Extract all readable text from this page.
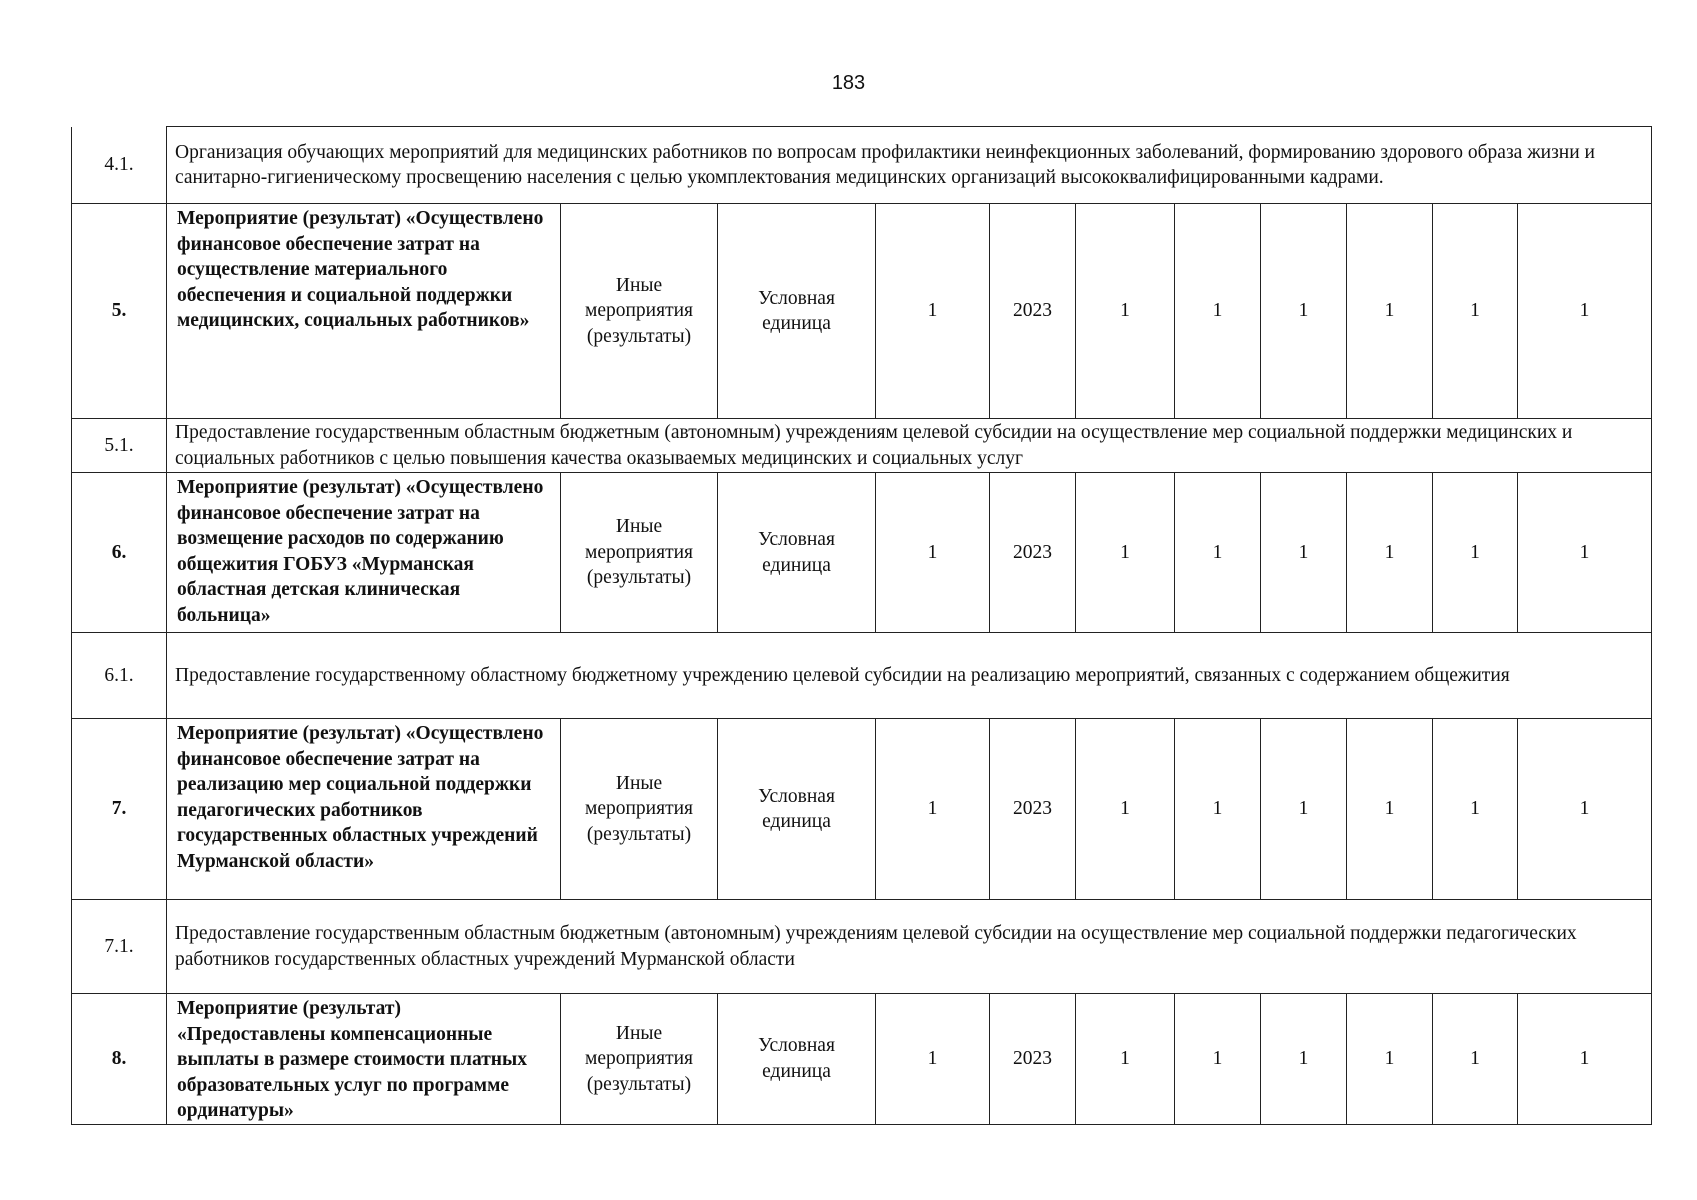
183
4.1.	Организация обучающих мероприятий для медицинских работников по вопросам профилактики неинфекционных заболеваний, формированию здорового образа жизни и санитарно-гигиеническому просвещению населения с целью укомплектования медицинских организаций высококвалифицированными кадрами.										
5.	Мероприятие (результат) «Осуществлено финансовое обеспечение затрат на осуществление материального обеспечения и социальной поддержки медицинских, социальных работников»	Иные мероприятия (результаты)	Условная единица	1	2023	1	1	1	1	1	1
5.1.	Предоставление государственным областным бюджетным (автономным) учреждениям целевой субсидии на осуществление мер социальной поддержки медицинских и социальных работников с целью повышения качества оказываемых медицинских и социальных услуг										
6.	Мероприятие (результат) «Осуществлено финансовое обеспечение затрат на возмещение расходов по содержанию общежития ГОБУЗ «Мурманская областная детская клиническая больница»	Иные мероприятия (результаты)	Условная единица	1	2023	1	1	1	1	1	1
6.1.	Предоставление государственному областному бюджетному учреждению целевой субсидии на реализацию мероприятий, связанных с содержанием общежития										
7.	Мероприятие (результат) «Осуществлено финансовое обеспечение затрат на реализацию мер социальной поддержки педагогических работников государственных областных учреждений Мурманской области»	Иные мероприятия (результаты)	Условная единица	1	2023	1	1	1	1	1	1
7.1.	Предоставление государственным областным бюджетным (автономным) учреждениям целевой субсидии на осуществление мер социальной поддержки педагогических работников государственных областных учреждений Мурманской области										
8.	Мероприятие (результат) «Предоставлены компенсационные выплаты в размере стоимости платных образовательных услуг по программе ординатуры»	Иные мероприятия (результаты)	Условная единица	1	2023	1	1	1	1	1	1
